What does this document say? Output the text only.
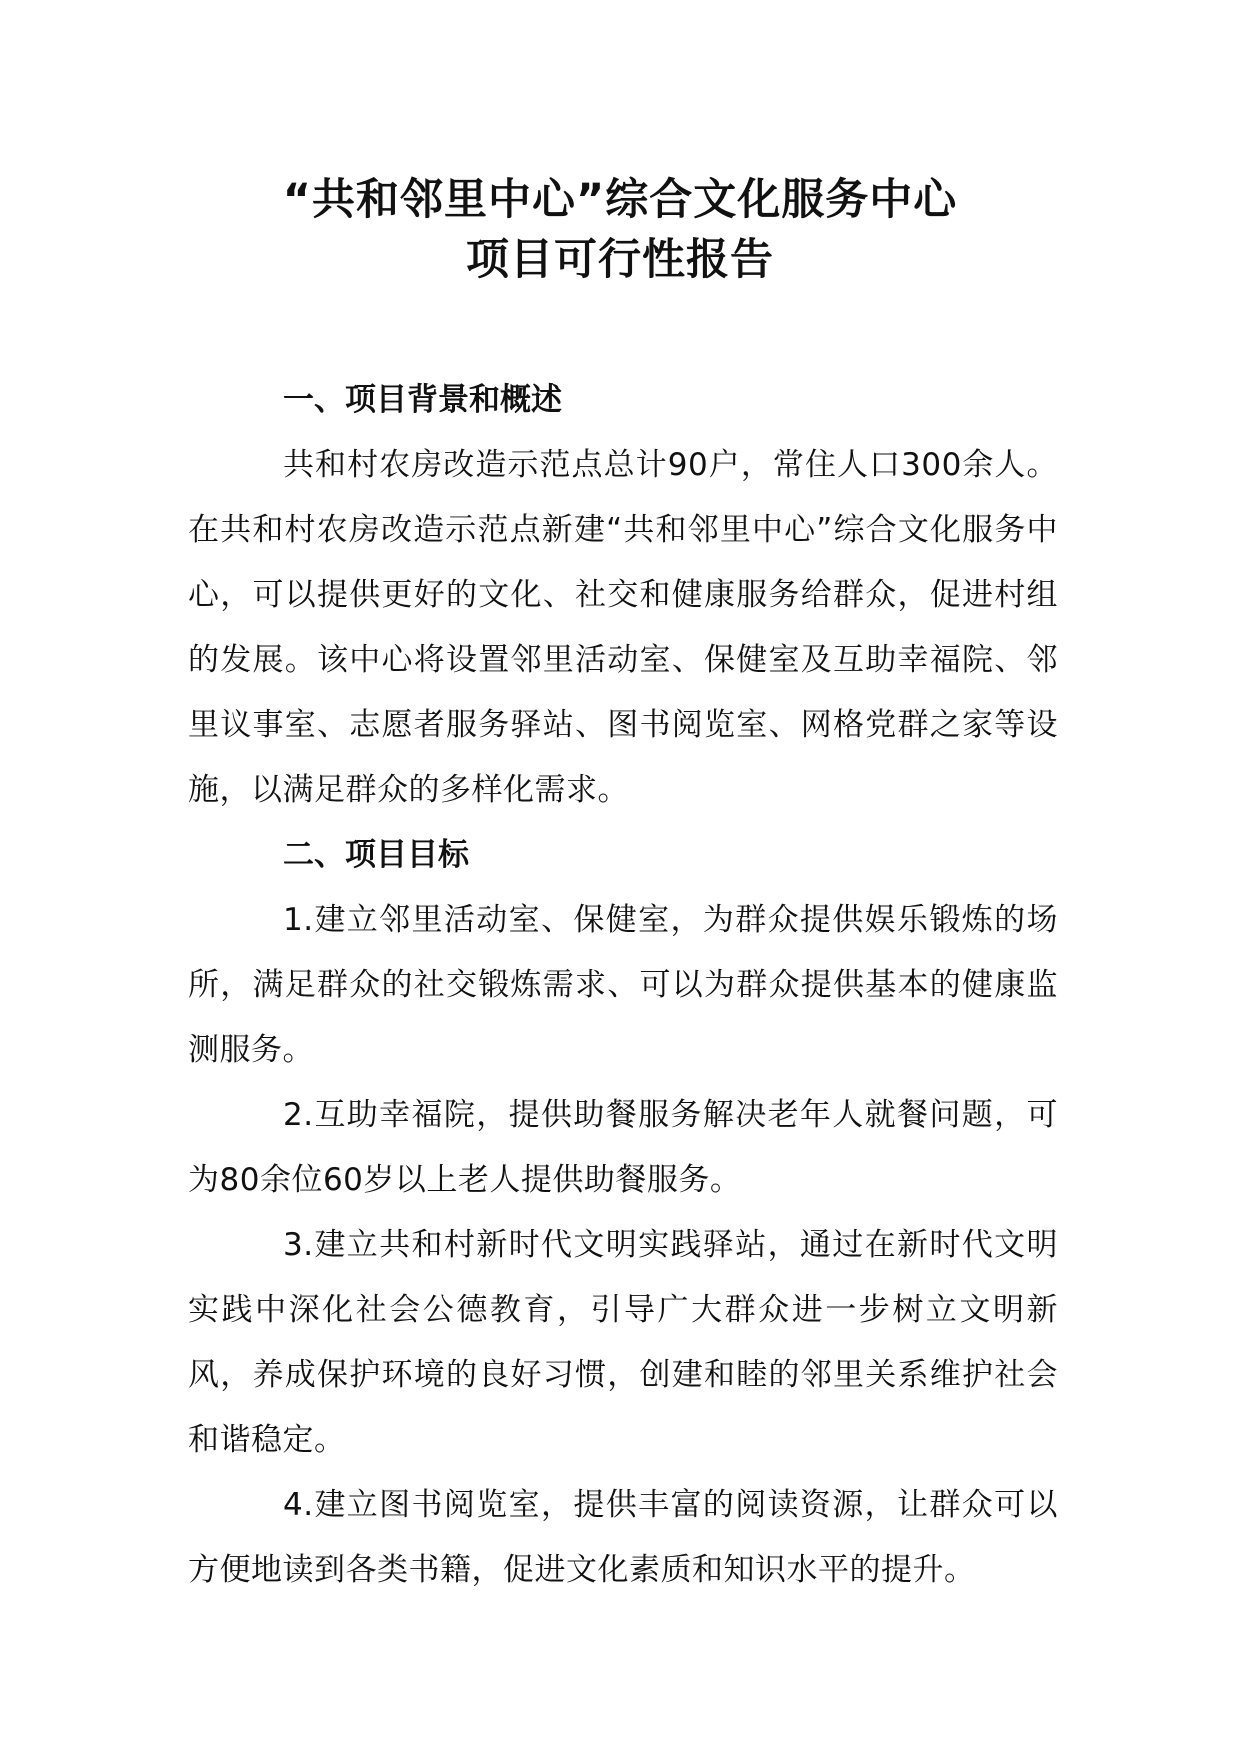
“共和邻里中心”综合文化服务中心
项目可行性报告
一、项目背景和概述

共和村农房改造示范点总计90户，常住人口300余人。在共和村农房改造示范点新建“共和邻里中心”综合文化服务中心，可以提供更好的文化、社交和健康服务给群众，促进村组的发展。该中心将设置邻里活动室、保健室及互助幸福院、邻里议事室、志愿者服务驿站、图书阅览室、网格党群之家等设施，以满足群众的多样化需求。

二、项目目标

1.建立邻里活动室、保健室，为群众提供娱乐锻炼的场所，满足群众的社交锻炼需求、可以为群众提供基本的健康监测服务。

2.互助幸福院，提供助餐服务解决老年人就餐问题，可为80余位60岁以上老人提供助餐服务。

3.建立共和村新时代文明实践驿站，通过在新时代文明实践中深化社会公德教育，引导广大群众进一步树立文明新风，养成保护环境的良好习惯，创建和睦的邻里关系维护社会和谐稳定。

4.建立图书阅览室，提供丰富的阅读资源，让群众可以方便地读到各类书籍，促进文化素质和知识水平的提升。
